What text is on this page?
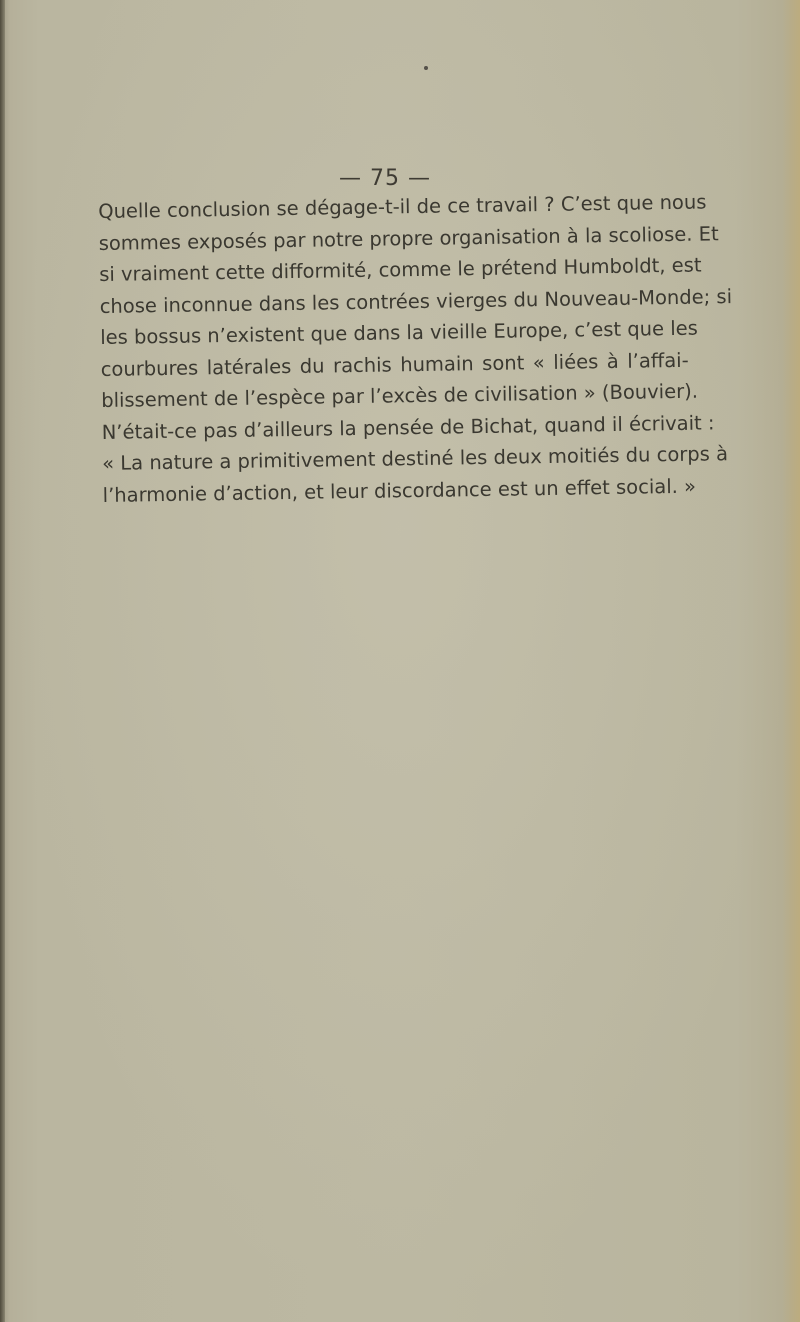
— 75 —

Quelle conclusion se dégage-t-il de ce travail ? C’est que nous
sommes exposés par notre propre organisation à la scoliose. Et
si vraiment cette difformité, comme le prétend Humboldt, est
chose inconnue dans les contrées vierges du Nouveau-Monde; si
les bossus n’existent que dans la vieille Europe, c’est que les
courbures latérales du rachis humain sont « liées à l’affai-
blissement de l’espèce par l’excès de civilisation » (Bouvier).
N’était-ce pas d’ailleurs la pensée de Bichat, quand il écrivait :
« La nature a primitivement destiné les deux moitiés du corps à
l’harmonie d’action, et leur discordance est un effet social. »
